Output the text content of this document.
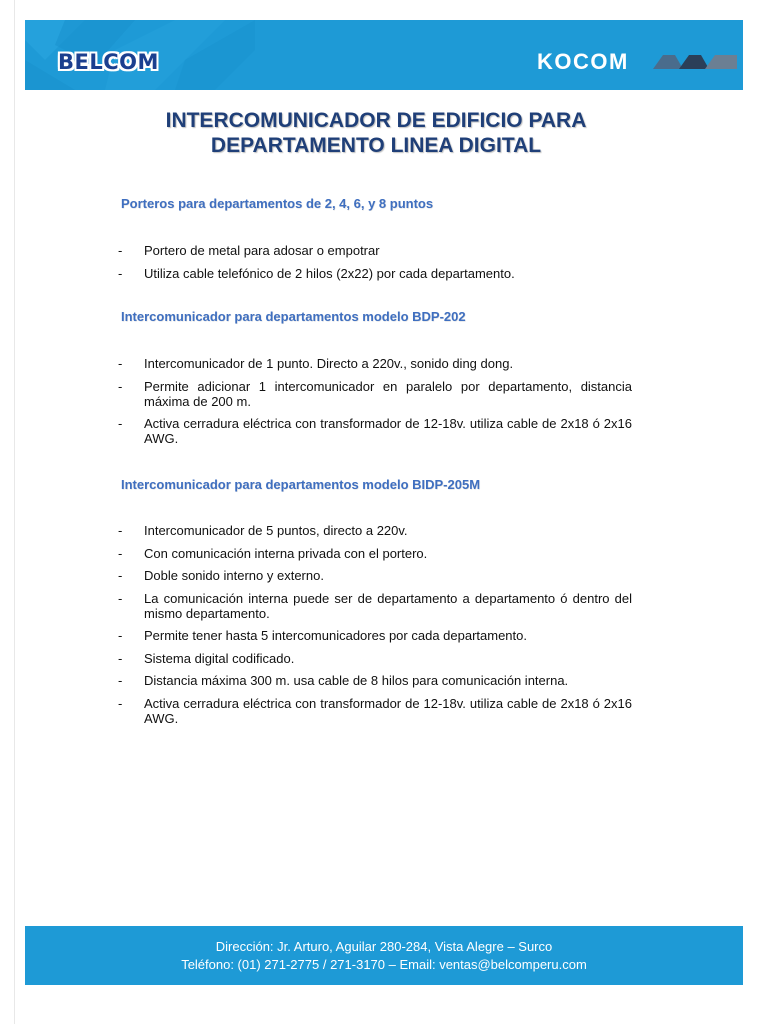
BELCOM	KOCOM
INTERCOMUNICADOR DE EDIFICIO PARA
DEPARTAMENTO LINEA DIGITAL
Porteros para departamentos de 2, 4, 6, y 8 puntos
- Portero de metal para adosar o empotrar
- Utiliza cable telefónico de 2 hilos (2x22) por cada departamento.
Intercomunicador para departamentos modelo BDP-202
- Intercomunicador de 1 punto. Directo a 220v., sonido ding dong.
- Permite adicionar 1 intercomunicador en paralelo por departamento, distancia máxima de 200 m.
- Activa cerradura eléctrica con transformador de 12-18v. utiliza cable de 2x18 ó 2x16 AWG.
Intercomunicador para departamentos modelo BIDP-205M
- Intercomunicador de 5 puntos, directo a 220v.
- Con comunicación interna privada con el portero.
- Doble sonido interno y externo.
- La comunicación interna puede ser de departamento a departamento ó dentro del mismo departamento.
- Permite tener hasta 5 intercomunicadores por cada departamento.
- Sistema digital codificado.
- Distancia máxima 300 m. usa cable de 8 hilos para comunicación interna.
- Activa cerradura eléctrica con transformador de 12-18v. utiliza cable de 2x18 ó 2x16 AWG.
Dirección: Jr. Arturo, Aguilar 280-284, Vista Alegre – Surco
Teléfono: (01) 271-2775 / 271-3170 – Email: ventas@belcomperu.com
